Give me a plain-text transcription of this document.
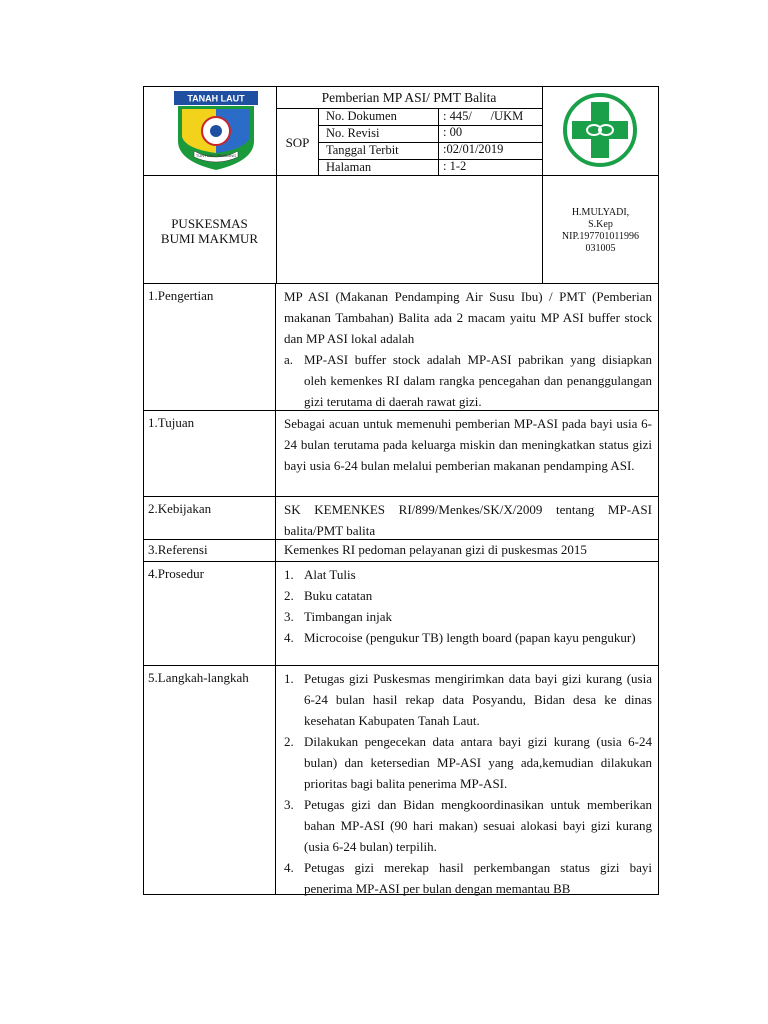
TANAH LAUT
TUNTUNG PANDANG
Pemberian MP ASI/ PMT Balita
SOP
No. Dokumen	: 445/      /UKM
No. Revisi	: 00
Tanggal Terbit	:02/01/2019
Halaman	: 1-2
PUSKESMAS
BUMI MAKMUR
H.MULYADI,
S.Kep
NIP.197701011996
031005
1.Pengertian	MP ASI (Makanan Pendamping Air Susu Ibu) / PMT (Pemberian makanan Tambahan) Balita ada 2 macam yaitu MP ASI buffer stock dan MP ASI lokal adalah

a. MP-ASI buffer stock adalah MP-ASI pabrikan yang disiapkan oleh kemenkes RI dalam rangka pencegahan dan penanggulangan gizi terutama di daerah rawat gizi.
1.Tujuan	Sebagai acuan untuk memenuhi pemberian MP-ASI pada bayi usia 6-24 bulan terutama pada keluarga miskin dan meningkatkan status gizi bayi usia 6-24 bulan melalui pemberian makanan pendamping ASI.

2.Kebijakan	SK KEMENKES RI/899/Menkes/SK/X/2009 tentang MP-ASI balita/PMT balita

3.Referensi	Kemenkes RI pedoman pelayanan gizi di puskesmas 2015

4.Prosedur	1. Alat Tulis
2. Buku catatan
3. Timbangan injak
4. Microcoise (pengukur TB) length board (papan kayu pengukur)
5.Langkah-langkah	1. Petugas gizi Puskesmas mengirimkan data bayi gizi kurang (usia 6-24 bulan hasil rekap data Posyandu, Bidan desa ke dinas kesehatan Kabupaten Tanah Laut.
2. Dilakukan pengecekan data antara bayi gizi kurang (usia 6-24 bulan) dan ketersedian MP-ASI yang ada,kemudian dilakukan prioritas bagi balita penerima MP-ASI.
3. Petugas gizi dan Bidan mengkoordinasikan untuk memberikan bahan MP-ASI (90 hari makan) sesuai alokasi bayi gizi kurang (usia 6-24 bulan) terpilih.
4. Petugas gizi merekap hasil perkembangan status gizi bayi penerima MP-ASI per bulan dengan memantau BB
